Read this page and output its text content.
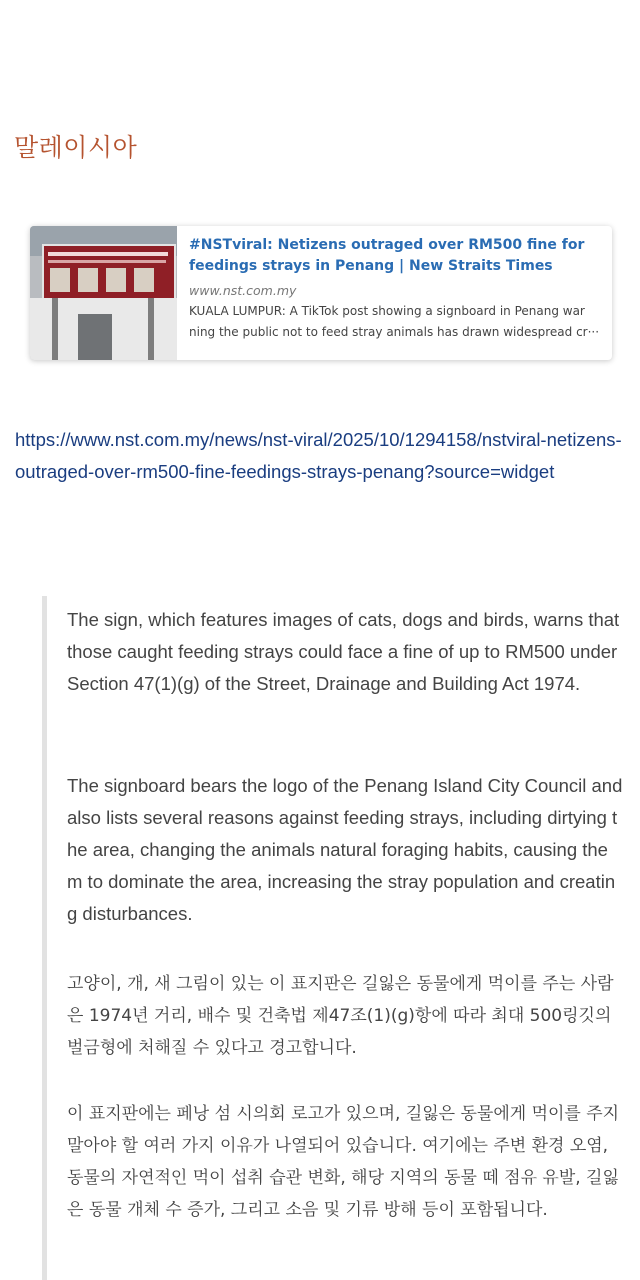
말레이시아
#NSTviral: Netizens outraged over RM500 fine for feedings strays in Penang | New Straits Times
www.nst.com.my
KUALA LUMPUR: A TikTok post showing a signboard in Penang war
ning the public not to feed stray animals has drawn widespread cr···
https://www.nst.com.my/news/nst-viral/2025/10/1294158/nstviral-netizens-outraged-over-rm500-fine-feedings-strays-penang?source=widget
The sign, which features images of cats, dogs and birds, warns that those caught feeding strays could face a fine of up to RM500 under Section 47(1)(g) of the Street, Drainage and Building Act 1974.
The signboard bears the logo of the Penang Island City Council and also lists several reasons against feeding strays, including dirtying the area, changing the animals natural foraging habits, causing them to dominate the area, increasing the stray population and creating disturbances.
고양이, 개, 새 그림이 있는 이 표지판은 길잃은 동물에게 먹이를 주는 사람은 1974년 거리, 배수 및 건축법 제47조(1)(g)항에 따라 최대 500링깃의 벌금형에 처해질 수 있다고 경고합니다.
이 표지판에는 페낭 섬 시의회 로고가 있으며, 길잃은 동물에게 먹이를 주지 말아야 할 여러 가지 이유가 나열되어 있습니다. 여기에는 주변 환경 오염, 동물의 자연적인 먹이 섭취 습관 변화, 해당 지역의 동물 떼 점유 유발, 길잃은 동물 개체 수 증가, 그리고 소음 및 기류 방해 등이 포함됩니다.
